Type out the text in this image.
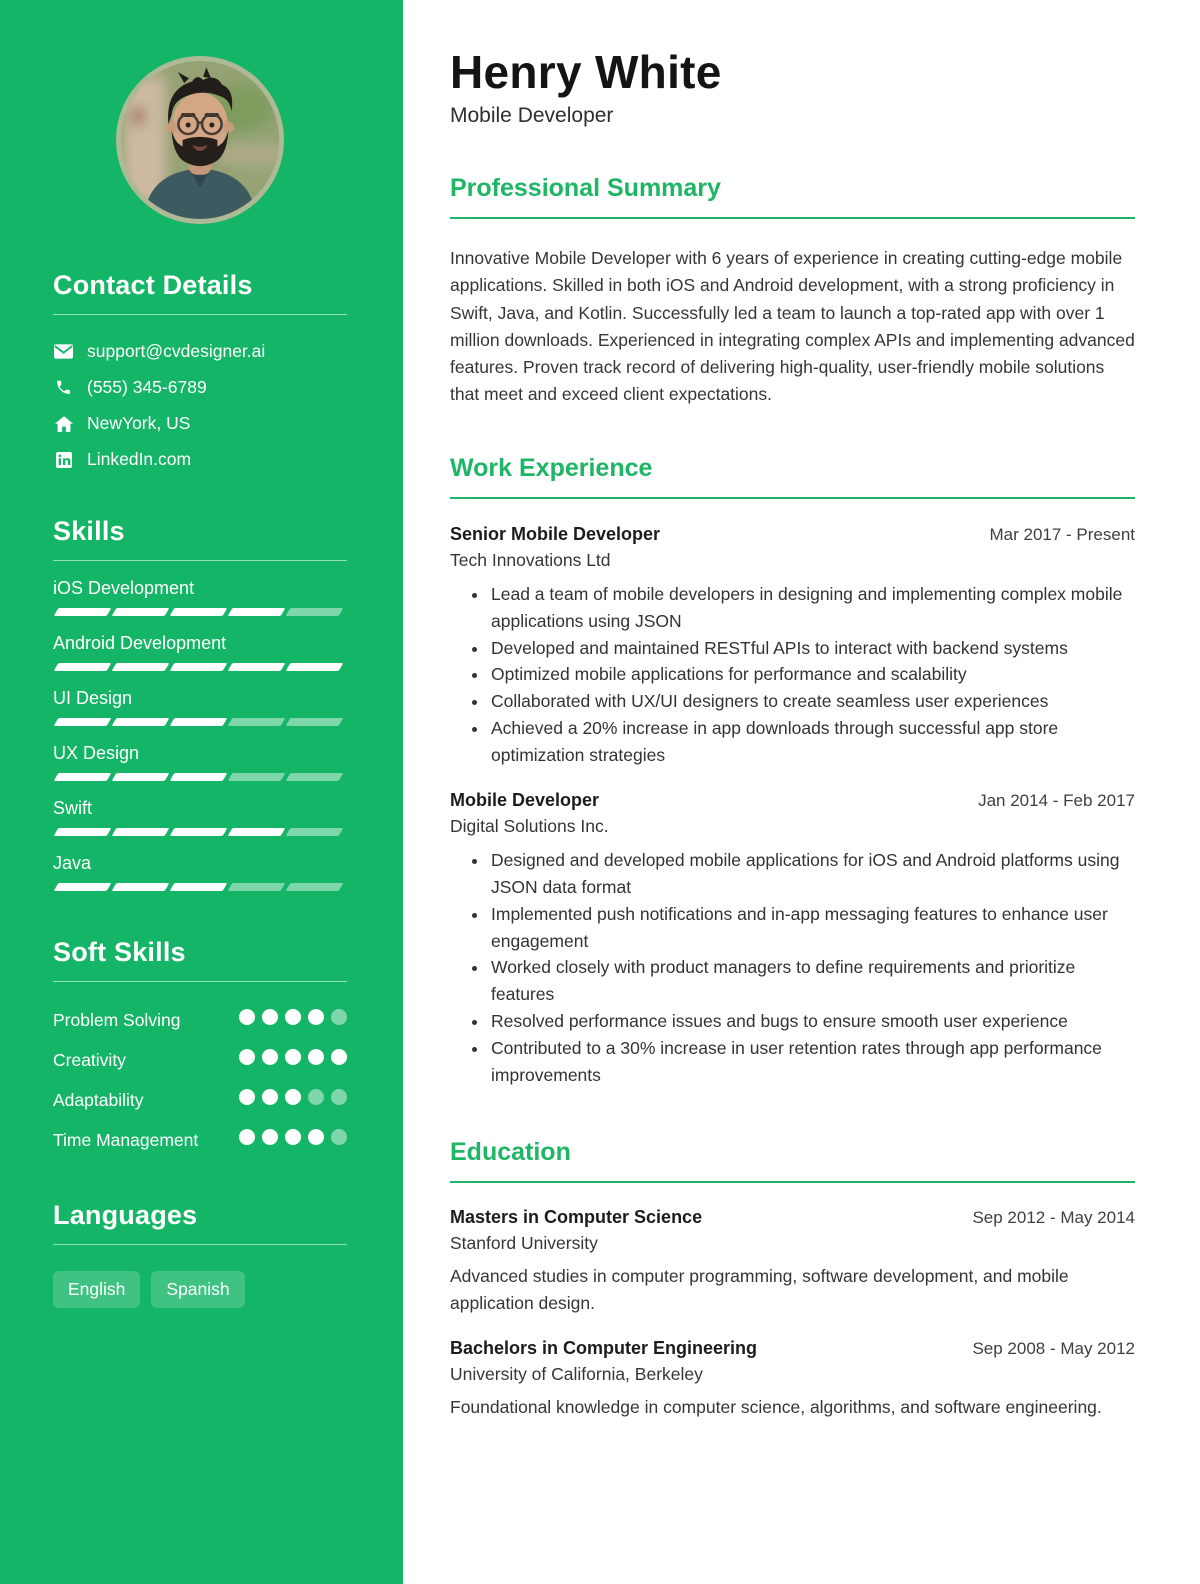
Contact Details
support@cvdesigner.ai
(555) 345-6789
NewYork, US
LinkedIn.com
Skills
iOS Development
Android Development
UI Design
UX Design
Swift
Java
Soft Skills
Problem Solving
Creativity
Adaptability
Time Management
Languages
English	Spanish
Henry White
Mobile Developer
Professional Summary

Innovative Mobile Developer with 6 years of experience in creating cutting-edge mobile applications. Skilled in both iOS and Android development, with a strong proficiency in Swift, Java, and Kotlin. Successfully led a team to launch a top-rated app with over 1 million downloads. Experienced in integrating complex APIs and implementing advanced features. Proven track record of delivering high-quality, user-friendly mobile solutions that meet and exceed client expectations.

Work Experience
Senior Mobile Developer	Mar 2017 - Present
Tech Innovations Ltd
• Lead a team of mobile developers in designing and implementing complex mobile applications using JSON
• Developed and maintained RESTful APIs to interact with backend systems
• Optimized mobile applications for performance and scalability
• Collaborated with UX/UI designers to create seamless user experiences
• Achieved a 20% increase in app downloads through successful app store optimization strategies
Mobile Developer	Jan 2014 - Feb 2017
Digital Solutions Inc.
• Designed and developed mobile applications for iOS and Android platforms using JSON data format
• Implemented push notifications and in-app messaging features to enhance user engagement
• Worked closely with product managers to define requirements and prioritize features
• Resolved performance issues and bugs to ensure smooth user experience
• Contributed to a 30% increase in user retention rates through app performance improvements
Education
Masters in Computer Science	Sep 2012 - May 2014
Stanford University
Advanced studies in computer programming, software development, and mobile application design.
Bachelors in Computer Engineering	Sep 2008 - May 2012
University of California, Berkeley
Foundational knowledge in computer science, algorithms, and software engineering.
